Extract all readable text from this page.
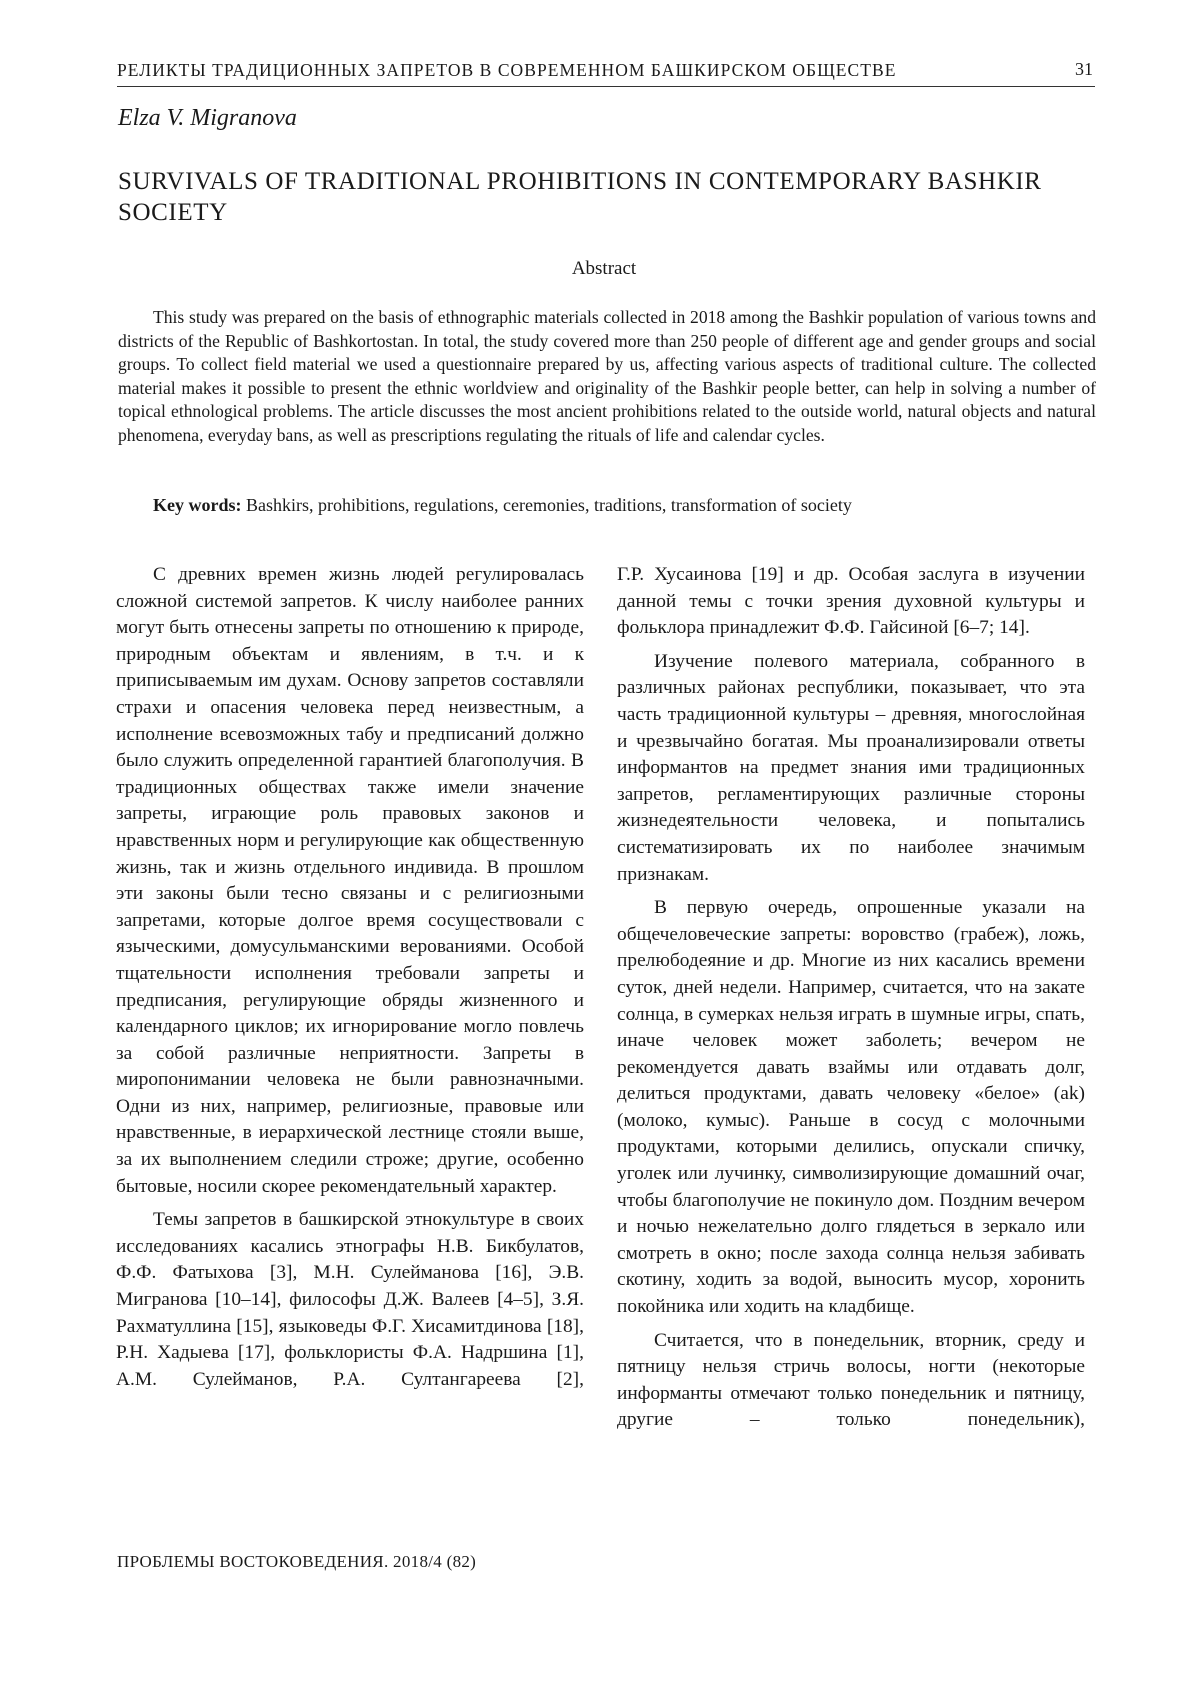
РЕЛИКТЫ ТРАДИЦИОННЫХ ЗАПРЕТОВ В СОВРЕМЕННОМ БАШКИРСКОМ ОБЩЕСТВЕ	31
Elza V. Migranova
SURVIVALS OF TRADITIONAL PROHIBITIONS IN CONTEMPORARY BASHKIR SOCIETY
Abstract
This study was prepared on the basis of ethnographic materials collected in 2018 among the Bashkir population of various towns and districts of the Republic of Bashkortostan. In total, the study covered more than 250 people of different age and gender groups and social groups. To collect field material we used a questionnaire prepared by us, affecting various aspects of traditional culture. The collected material makes it possible to present the ethnic worldview and originality of the Bashkir people better, can help in solving a number of topical ethnological problems. The article discusses the most ancient prohibitions related to the outside world, natural objects and natural phenomena, everyday bans, as well as prescriptions regulating the rituals of life and calendar cycles.
Key words: Bashkirs, prohibitions, regulations, ceremonies, traditions, transformation of society

С древних времен жизнь людей регулировалась сложной системой запретов. К числу наиболее ранних могут быть отнесены запреты по отношению к природе, природным объектам и явлениям, в т.ч. и к приписываемым им духам. Основу запретов составляли страхи и опасения человека перед неизвестным, а исполнение всевозможных табу и предписаний должно было служить определенной гарантией благополучия. В традиционных обществах также имели значение запреты, играющие роль правовых законов и нравственных норм и регулирующие как общественную жизнь, так и жизнь отдельного индивида. В прошлом эти законы были тесно связаны и с религиозными запретами, которые долгое время сосуществовали с языческими, домусульманскими верованиями. Особой тщательности исполнения требовали запреты и предписания, регулирующие обряды жизненного и календарного циклов; их игнорирование могло повлечь за собой различные неприятности. Запреты в миропонимании человека не были равнозначными. Одни из них, например, религиозные, правовые или нравственные, в иерархической лестнице стояли выше, за их выполнением следили строже; другие, особенно бытовые, носили скорее рекомендательный характер.

Темы запретов в башкирской этнокультуре в своих исследованиях касались этнографы Н.В. Бикбулатов, Ф.Ф. Фатыхова [3], М.Н. Сулейманова [16], Э.В. Мигранова [10–14], философы Д.Ж. Валеев [4–5], З.Я. Рахматуллина [15], языковеды Ф.Г. Хисамитдинова [18], Р.Н. Хадыева [17], фольклористы Ф.А. Надршина [1], А.М. Сулейманов, Р.А. Султангареева [2],

Г.Р. Хусаинова [19] и др. Особая заслуга в изучении данной темы с точки зрения духовной культуры и фольклора принадлежит Ф.Ф. Гайсиной [6–7; 14].

Изучение полевого материала, собранного в различных районах республики, показывает, что эта часть традиционной культуры – древняя, многослойная и чрезвычайно богатая. Мы проанализировали ответы информантов на предмет знания ими традиционных запретов, регламентирующих различные стороны жизнедеятельности человека, и попытались систематизировать их по наиболее значимым признакам.

В первую очередь, опрошенные указали на общечеловеческие запреты: воровство (грабеж), ложь, прелюбодеяние и др. Многие из них касались времени суток, дней недели. Например, считается, что на закате солнца, в сумерках нельзя играть в шумные игры, спать, иначе человек может заболеть; вечером не рекомендуется давать взаймы или отдавать долг, делиться продуктами, давать человеку «белое» (ak) (молоко, кумыс). Раньше в сосуд с молочными продуктами, которыми делились, опускали спичку, уголек или лучинку, символизирующие домашний очаг, чтобы благополучие не покинуло дом. Поздним вечером и ночью нежелательно долго глядеться в зеркало или смотреть в окно; после захода солнца нельзя забивать скотину, ходить за водой, выносить мусор, хоронить покойника или ходить на кладбище.

Считается, что в понедельник, вторник, среду и пятницу нельзя стричь волосы, ногти (некоторые информанты отмечают только понедельник и пятницу, другие – только понедельник),

ПРОБЛЕМЫ ВОСТОКОВЕДЕНИЯ. 2018/4 (82)
